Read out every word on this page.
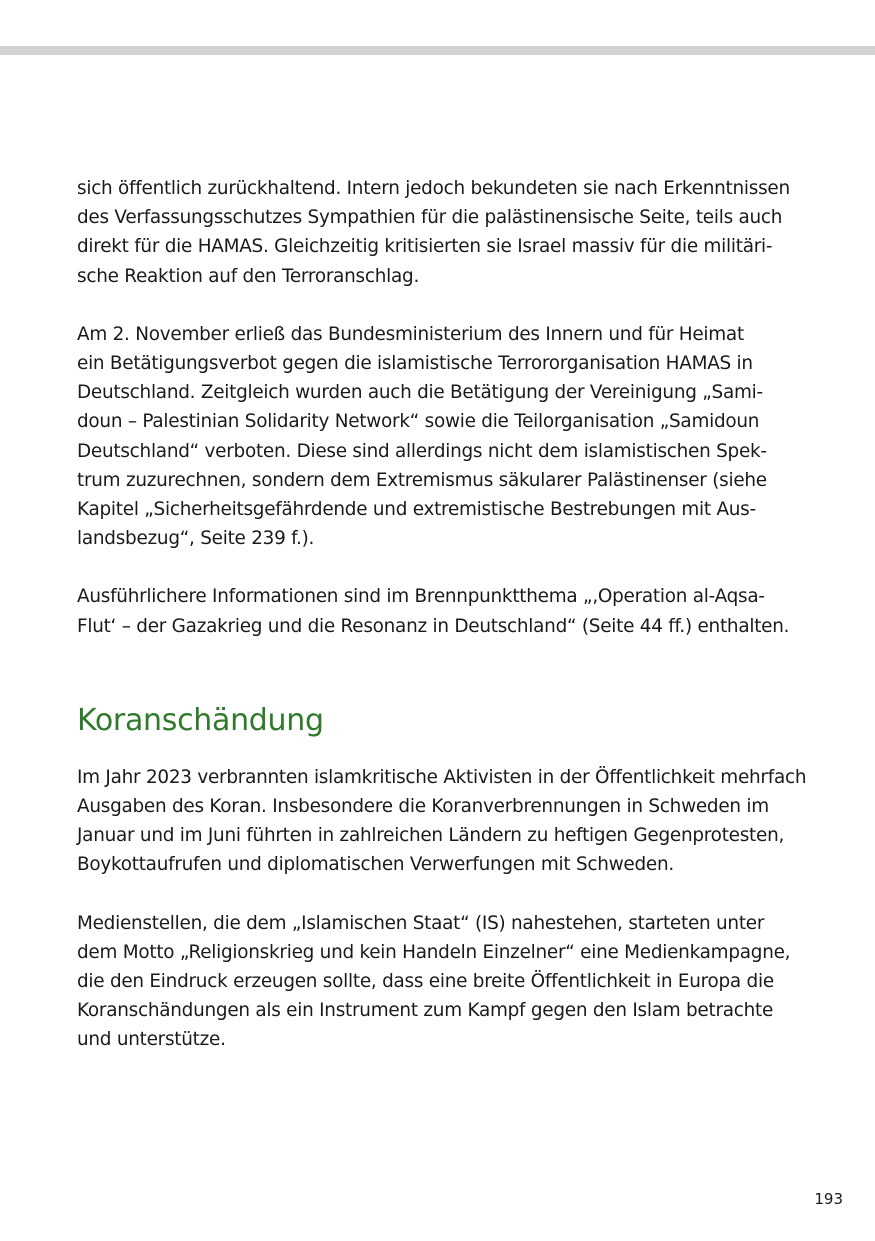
sich öffentlich zurückhaltend. Intern jedoch bekundeten sie nach Erkenntnissen
des Verfassungsschutzes Sympathien für die palästinensische Seite, teils auch
direkt für die HAMAS. Gleichzeitig kritisierten sie Israel massiv für die militäri-
sche Reaktion auf den Terroranschlag.

Am 2. November erließ das Bundesministerium des Innern und für Heimat
ein Betätigungsverbot gegen die islamistische Terrororganisation HAMAS in
Deutschland. Zeitgleich wurden auch die Betätigung der Vereinigung „Sami-
doun – Palestinian Solidarity Network“ sowie die Teilorganisation „Samidoun
Deutschland“ verboten. Diese sind allerdings nicht dem islamistischen Spek-
trum zuzurechnen, sondern dem Extremismus säkularer Palästinenser (siehe
Kapitel „Sicherheitsgefährdende und extremistische Bestrebungen mit Aus-
landsbezug“, Seite 239 f.).

Ausführlichere Informationen sind im Brennpunktthema „‚Operation al-Aqsa-
Flut‘ – der Gazakrieg und die Resonanz in Deutschland“ (Seite 44 ff.) enthalten.

Koranschändung

Im Jahr 2023 verbrannten islamkritische Aktivisten in der Öffentlichkeit mehrfach
Ausgaben des Koran. Insbesondere die Koranverbrennungen in Schweden im
Januar und im Juni führten in zahlreichen Ländern zu heftigen Gegenprotesten,
Boykottaufrufen und diplomatischen Verwerfungen mit Schweden.

Medienstellen, die dem „Islamischen Staat“ (IS) nahestehen, starteten unter
dem Motto „Religionskrieg und kein Handeln Einzelner“ eine Medienkampagne,
die den Eindruck erzeugen sollte, dass eine breite Öffentlichkeit in Europa die
Koranschändungen als ein Instrument zum Kampf gegen den Islam betrachte
und unterstütze.

193
